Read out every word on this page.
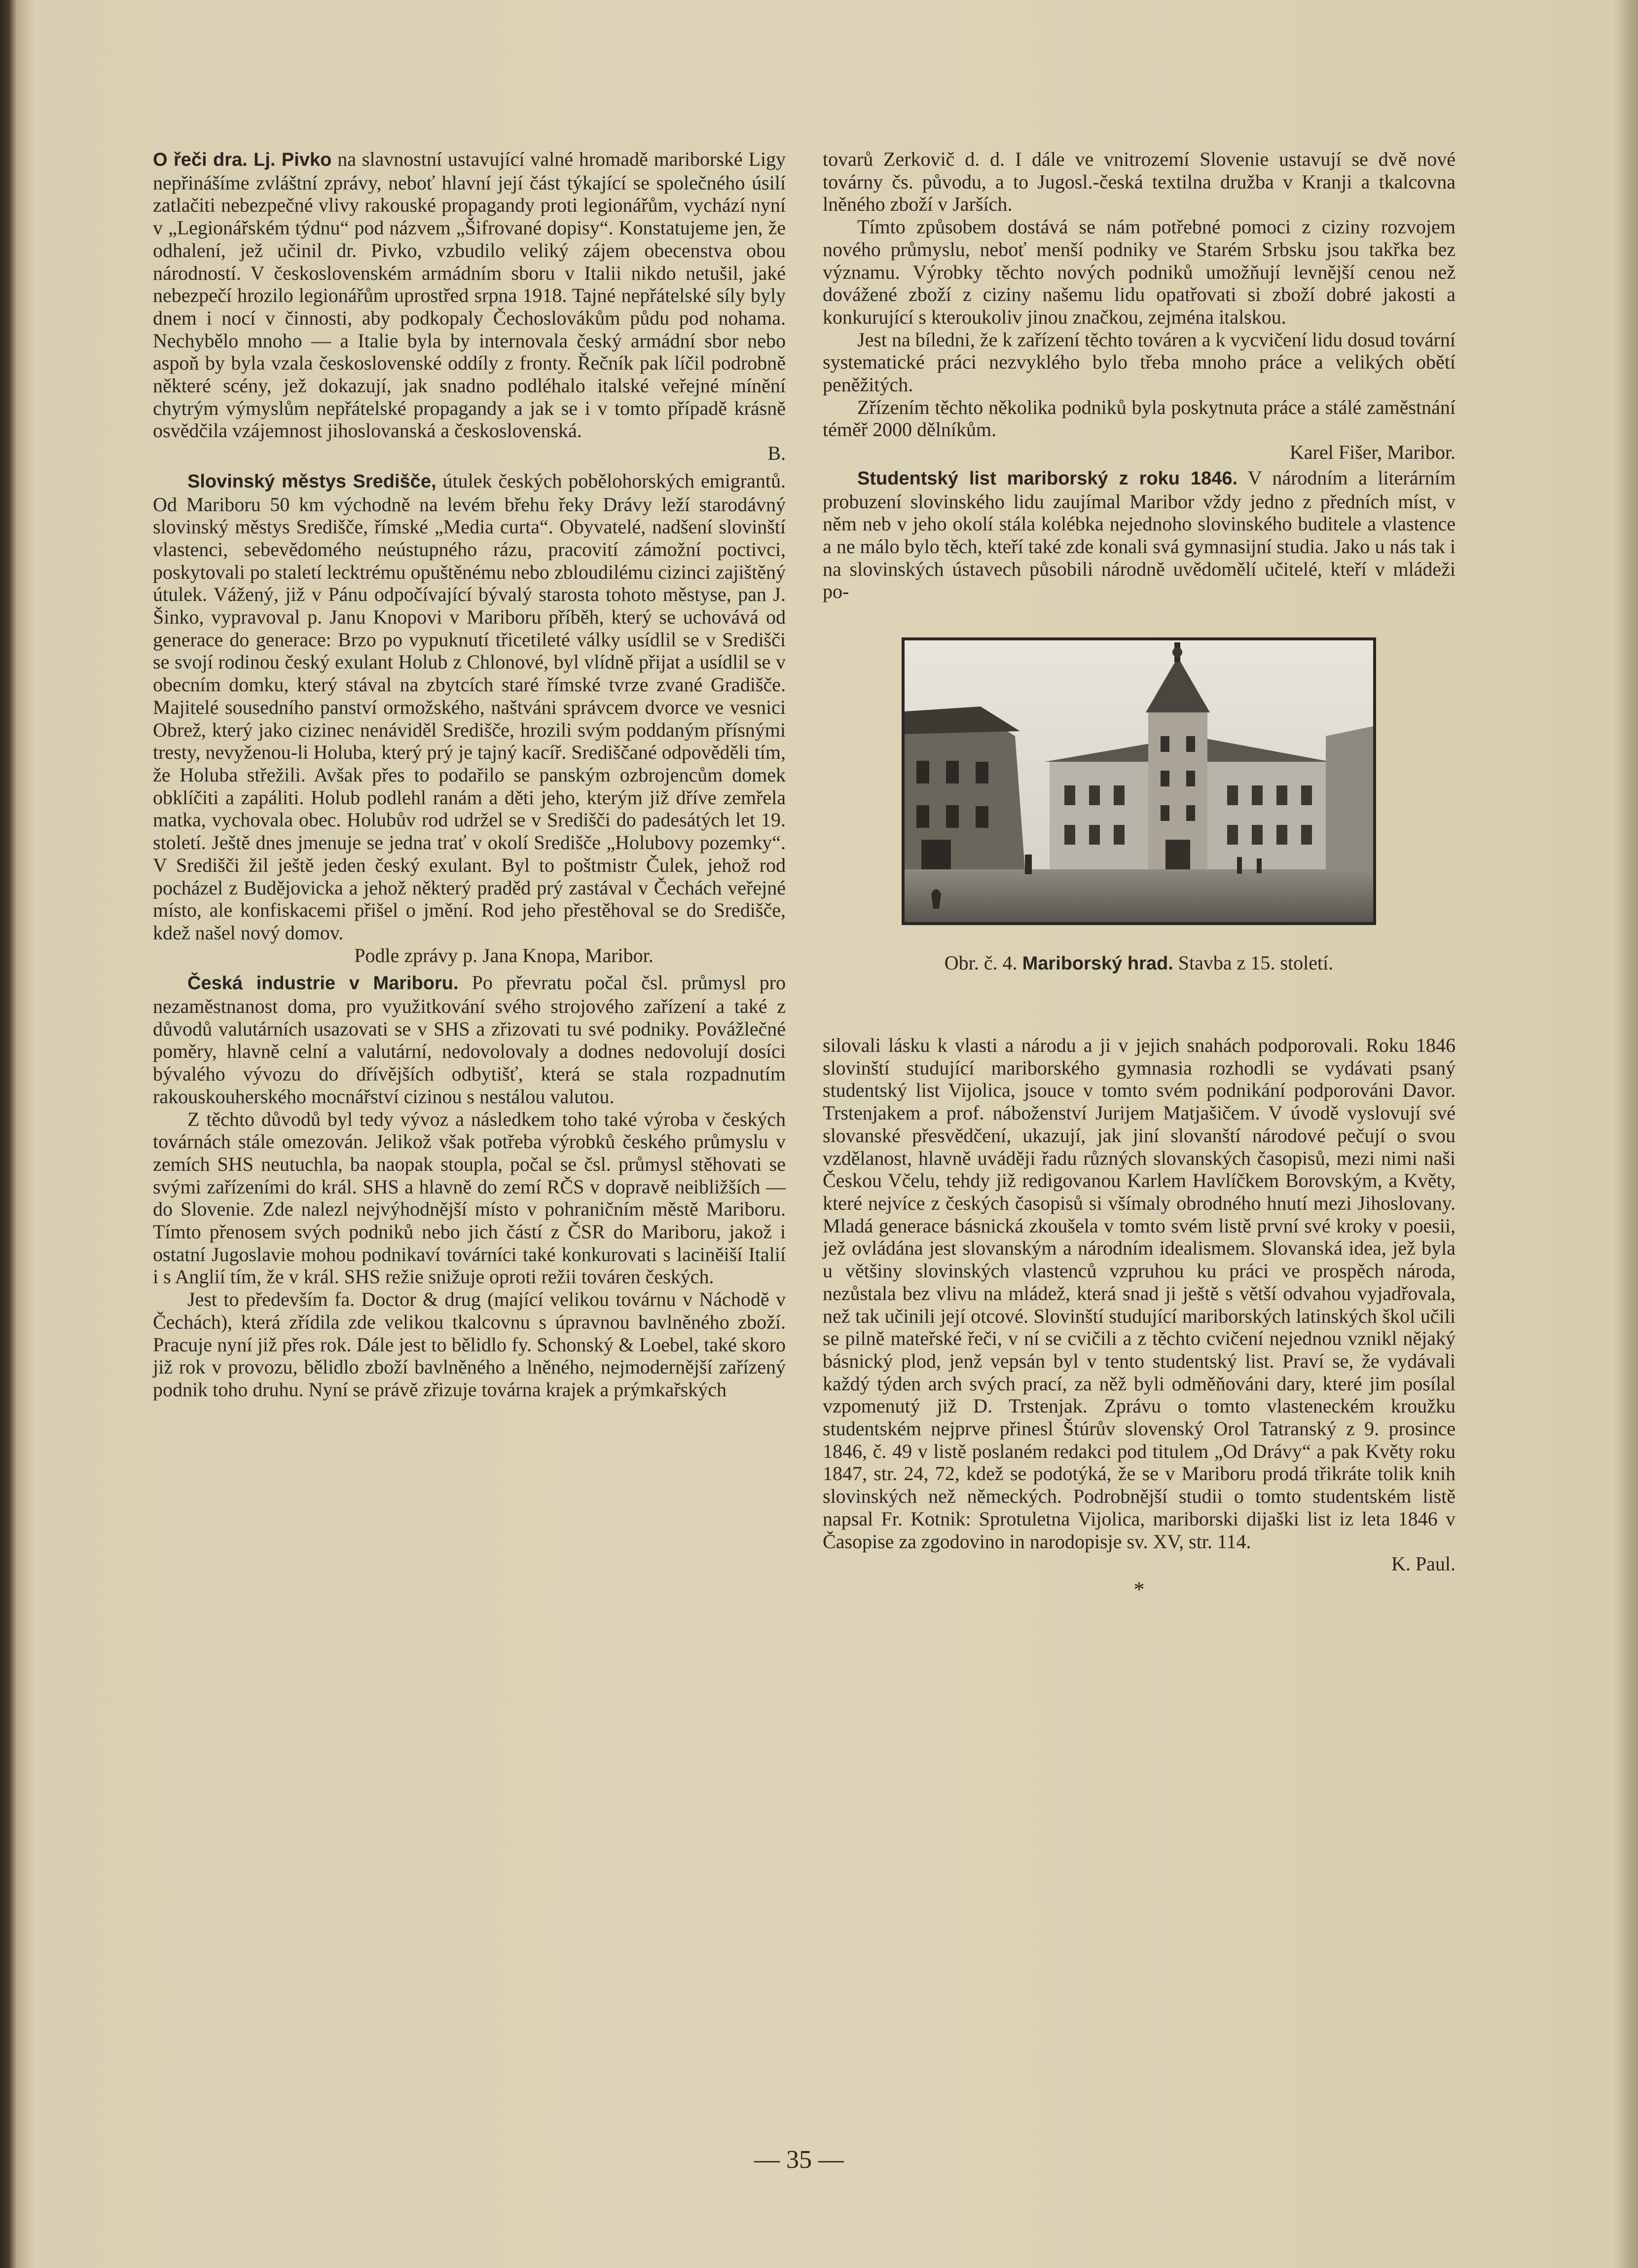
O řeči dra. Lj. Pivko na slavnostní ustavující valné hromadě mariborské Ligy nepřinášíme zvláštní zprávy, neboť hlavní její část týkající se společného úsilí zatlačiti nebezpečné vlivy rakouské propagandy proti legionářům, vychází nyní v „Legionářském týdnu“ pod názvem „Šifrované dopisy“. Konstatujeme jen, že odhalení, jež učinil dr. Pivko, vzbudilo veliký zájem obecenstva obou národností. V československém armádním sboru v Italii nikdo netušil, jaké nebezpečí hrozilo legionářům uprostřed srpna 1918. Tajné nepřátelské síly byly dnem i nocí v činnosti, aby podkopaly Čechoslovákům půdu pod nohama. Nechybělo mnoho — a Italie byla by internovala český armádní sbor nebo aspoň by byla vzala československé oddíly z fronty. Řečník pak líčil podrobně některé scény, jež dokazují, jak snadno podléhalo italské veřejné mínění chytrým výmyslům nepřátelské propagandy a jak se i v tomto případě krásně osvědčila vzájemnost jihoslovanská a československá.

B.

Slovinský městys Središče, útulek českých pobělohorských emigrantů. Od Mariboru 50 km východně na levém břehu řeky Drávy leží starodávný slovinský městys Središče, římské „Media curta“. Obyvatelé, nadšení slovinští vlastenci, sebevědomého neústupného rázu, pracovití zámožní poctivci, poskytovali po staletí lecktrému opuštěnému nebo zbloudilému cizinci zajištěný útulek. Vážený, již v Pánu odpočívající bývalý starosta tohoto městyse, pan J. Šinko, vypravoval p. Janu Knopovi v Mariboru příběh, který se uchovává od generace do generace: Brzo po vypuknutí třicetileté války usídlil se v Središči se svojí rodinou český exulant Holub z Chlonové, byl vlídně přijat a usídlil se v obecním domku, který stával na zbytcích staré římské tvrze zvané Gradišče. Majitelé sousedního panství ormožského, naštváni správcem dvorce ve vesnici Obrež, který jako cizinec nenáviděl Središče, hrozili svým poddaným přísnými tresty, nevyženou-li Holuba, který prý je tajný kacíř. Središčané odpověděli tím, že Holuba střežili. Avšak přes to podařilo se panským ozbrojencům domek obklíčiti a zapáliti. Holub podlehl ranám a děti jeho, kterým již dříve zemřela matka, vychovala obec. Holubův rod udržel se v Središči do padesátých let 19. století. Ještě dnes jmenuje se jedna trať v okolí Središče „Holubovy pozemky“. V Središči žil ještě jeden český exulant. Byl to poštmistr Čulek, jehož rod pocházel z Budějovicka a jehož některý praděd prý zastával v Čechách veřejné místo, ale konfiskacemi přišel o jmění. Rod jeho přestěhoval se do Središče, kdež našel nový domov.

Podle zprávy p. Jana Knopa, Maribor.

Česká industrie v Mariboru. Po převratu počal čsl. průmysl pro nezaměstnanost doma, pro využitkování svého strojového zařízení a také z důvodů valutárních usazovati se v SHS a zřizovati tu své podniky. Povážlečné poměry, hlavně celní a valutární, nedovolovaly a dodnes nedovolují dosíci bývalého vývozu do dřívějších odbytišť, která se stala rozpadnutím rakouskouherského mocnářství cizinou s nestálou valutou.

Z těchto důvodů byl tedy vývoz a následkem toho také výroba v českých továrnách stále omezován. Jelikož však potřeba výrobků českého průmyslu v zemích SHS neutuchla, ba naopak stoupla, počal se čsl. průmysl stěhovati se svými zařízeními do král. SHS a hlavně do zemí RČS v dopravě neibližších — do Slovenie. Zde nalezl nejvýhodnější místo v pohraničním městě Mariboru. Tímto přenosem svých podniků nebo jich částí z ČSR do Mariboru, jakož i ostatní Jugoslavie mohou podnikaví továrníci také konkurovati s laciněiší Italií i s Anglií tím, že v král. SHS režie snižuje oproti režii továren českých.

Jest to především fa. Doctor & drug (mající velikou továrnu v Náchodě v Čechách), která zřídila zde velikou tkalcovnu s úpravnou bavlněného zboží. Pracuje nyní již přes rok. Dále jest to bělidlo fy. Schonský & Loebel, také skoro již rok v provozu, bělidlo zboží bavlněného a lněného, nejmodernější zařízený podnik toho druhu. Nyní se právě zřizuje továrna krajek a prýmkařských

tovarů Zerkovič d. d. I dále ve vnitrozemí Slovenie ustavují se dvě nové továrny čs. původu, a to Jugosl.-česká textilna družba v Kranji a tkalcovna lněného zboží v Jarších.

Tímto způsobem dostává se nám potřebné pomoci z ciziny rozvojem nového průmyslu, neboť menší podniky ve Starém Srbsku jsou takřka bez významu. Výrobky těchto nových podniků umožňují levnější cenou než dovážené zboží z ciziny našemu lidu opatřovati si zboží dobré jakosti a konkurující s kteroukoliv jinou značkou, zejména italskou.

Jest na bíledni, že k zařízení těchto továren a k vycvičení lidu dosud tovární systematické práci nezvyklého bylo třeba mnoho práce a velikých obětí peněžitých.

Zřízením těchto několika podniků byla poskytnuta práce a stálé zaměstnání téměř 2000 dělníkům.

Karel Fišer, Maribor.

Studentský list mariborský z roku 1846. V národním a literárním probuzení slovinského lidu zaujímal Maribor vždy jedno z předních míst, v něm neb v jeho okolí stála kolébka nejednoho slovinského buditele a vlastence a ne málo bylo těch, kteří také zde konali svá gymnasijní studia. Jako u nás tak i na slovinských ústavech působili národně uvědomělí učitelé, kteří v mládeži po-

Obr. č. 4. Mariborský hrad. Stavba z 15. století.

silovali lásku k vlasti a národu a ji v jejich snahách podporovali. Roku 1846 slovinští studující mariborského gymnasia rozhodli se vydávati psaný studentský list Vijolica, jsouce v tomto svém podnikání podporováni Davor. Trstenjakem a prof. náboženství Jurijem Matjašičem. V úvodě vyslovují své slovanské přesvědčení, ukazují, jak jiní slovanští národové pečují o svou vzdělanost, hlavně uváději řadu různých slovanských časopisů, mezi nimi naši Českou Včelu, tehdy již redigovanou Karlem Havlíčkem Borovským, a Květy, které nejvíce z českých časopisů si všímaly obrodného hnutí mezi Jihoslovany. Mladá generace básnická zkoušela v tomto svém listě první své kroky v poesii, jež ovládána jest slovanským a národním idealismem. Slovanská idea, jež byla u většiny slovinských vlastenců vzpruhou ku práci ve prospěch národa, nezůstala bez vlivu na mládež, která snad ji ještě s větší odvahou vyjadřovala, než tak učinili její otcové. Slovinští studující mariborských latinských škol učili se pilně mateřské řeči, v ní se cvičili a z těchto cvičení nejednou vznikl nějaký básnický plod, jenž vepsán byl v tento studentský list. Praví se, že vydávali každý týden arch svých prací, za něž byli odměňováni dary, které jim posílal vzpomenutý již D. Trstenjak. Zprávu o tomto vlasteneckém kroužku studentském nejprve přinesl Štúrův slovenský Orol Tatranský z 9. prosince 1846, č. 49 v listě poslaném redakci pod titulem „Od Drávy“ a pak Květy roku 1847, str. 24, 72, kdež se podotýká, že se v Mariboru prodá třikráte tolik knih slovinských než německých. Podrobnější studii o tomto studentském listě napsal Fr. Kotnik: Sprotuletna Vijolica, mariborski dijaški list iz leta 1846 v Časopise za zgodovino in narodopisje sv. XV, str. 114.

K. Paul.

*

— 35 —
